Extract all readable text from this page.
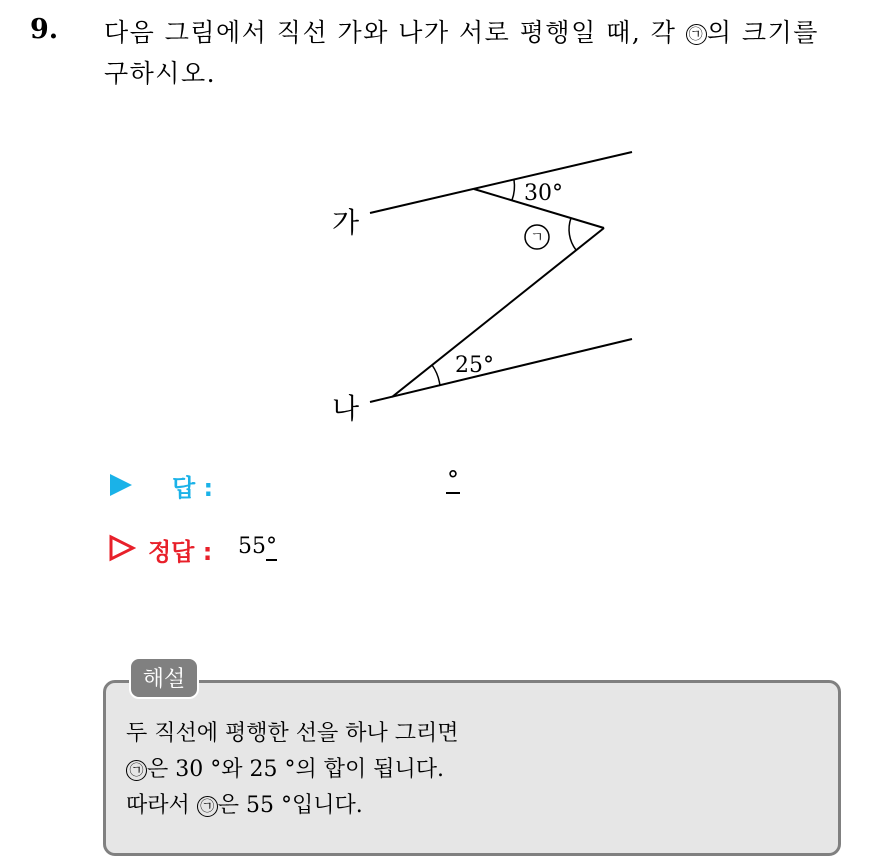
9. 다음 그림에서 직선 가와 나가 서로 평행일 때, 각 ㉠ 의 크기를
구하시오.
가
나
30°
25°
ㄱ
답 :	°
정답 : 55°
해설
두 직선에 평행한 선을 하나 그리면
㉠ 은 30 °와 25 °의 합이 됩니다.
따라서 ㉠ 은 55 °입니다.
